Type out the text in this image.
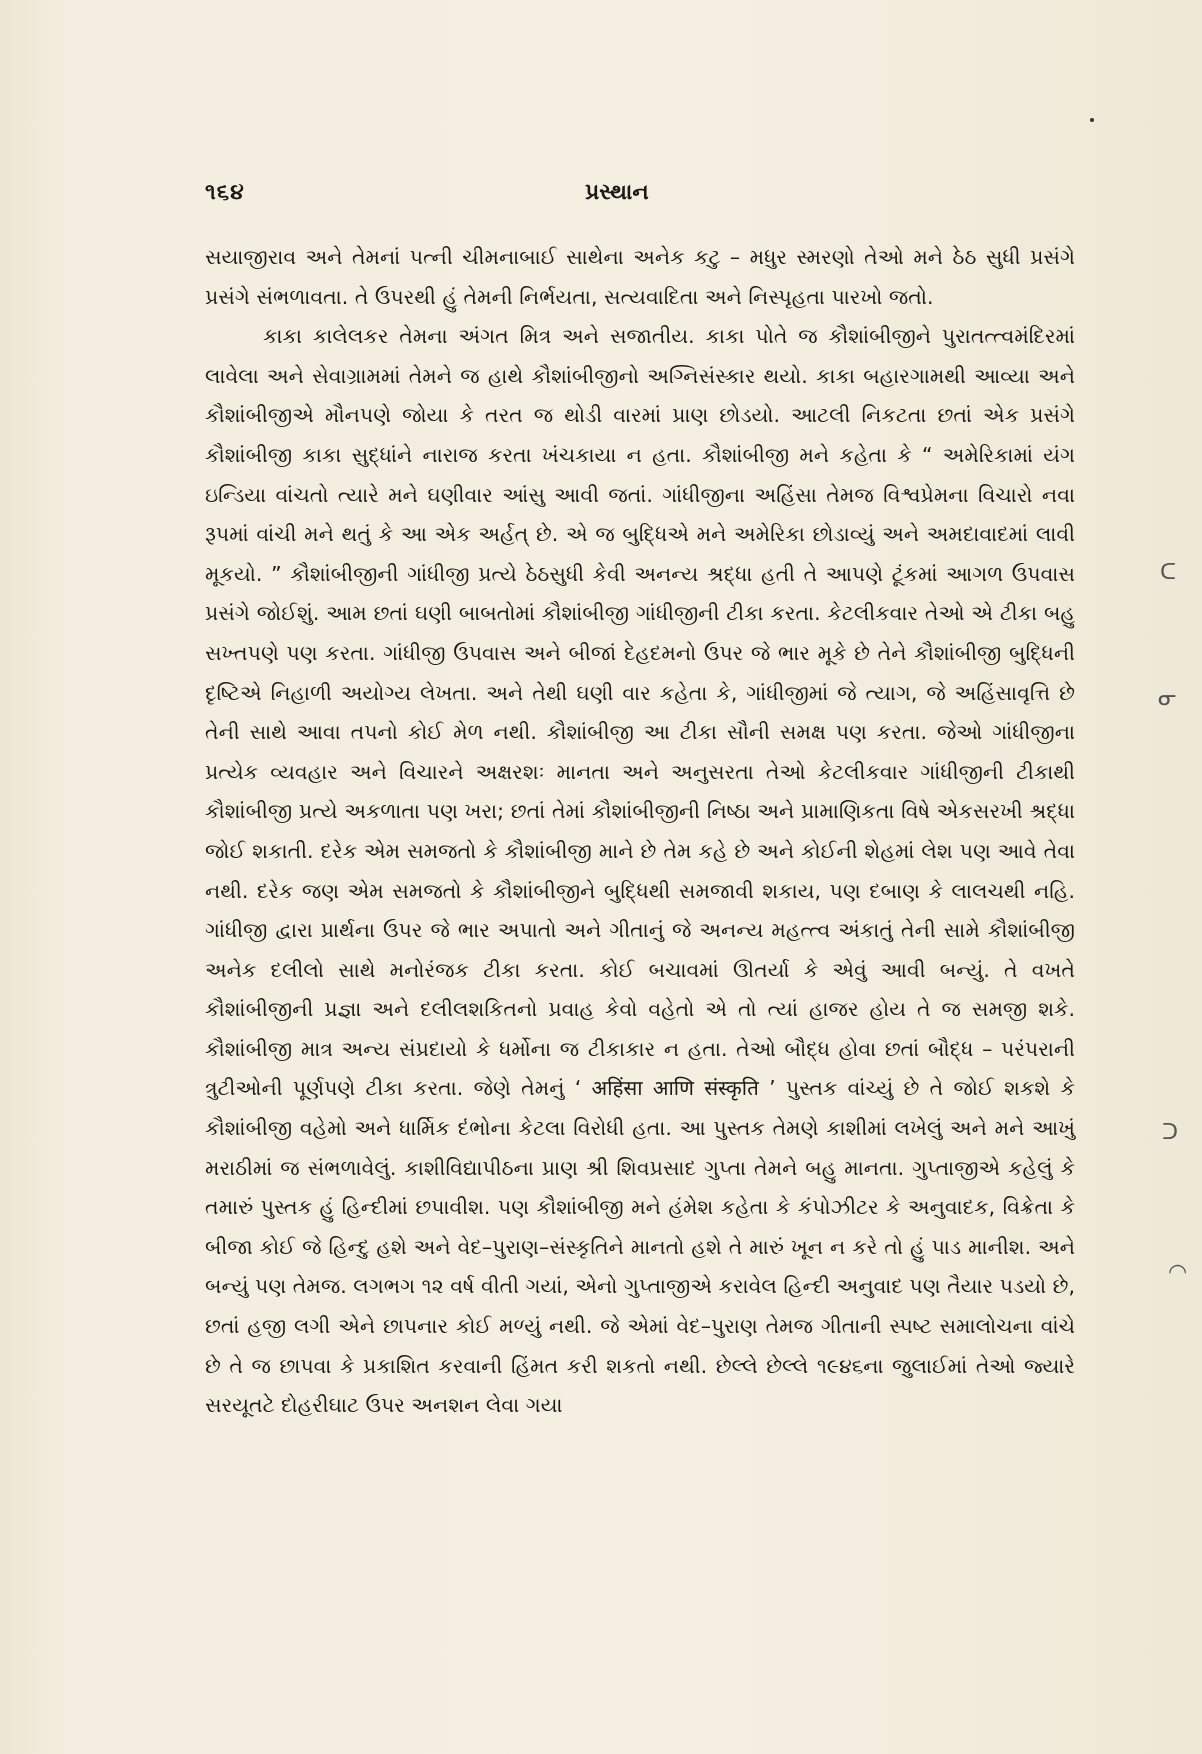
ᑕ
ᓂ
ᑐ
◠
૧૬૪	પ્રસ્થાન

સયાજીરાવ અને તેમનાં પત્ની ચીમનાબાઈ સાથેના અનેક કટુ – મધુર સ્મરણો તેઓ મને ઠેઠ સુધી પ્રસંગે પ્રસંગે સંભળાવતા. તે ઉપરથી હું તેમની નિર્ભયતા, સત્યવાદિતા અને નિસ્પૃહતા પારખો જતો.

કાકા કાલેલકર તેમના અંગત મિત્ર અને સજાતીય. કાકા પોતે જ કૌશાંબીજીને પુરાતત્ત્વમંદિરમાં લાવેલા અને સેવાગ્રામમાં તેમને જ હાથે કૌશાંબીજીનો અગ્નિસંસ્કાર થયો. કાકા બહારગામથી આવ્યા અને કૌશાંબીજીએ મૌનપણે જોયા કે તરત જ થોડી વારમાં પ્રાણ છોડયો. આટલી નિકટતા છતાં એક પ્રસંગે કૌશાંબીજી કાકા સુદ્ધાંને નારાજ કરતા ખંચકાયા ન હતા. કૌશાંબીજી મને કહેતા કે “ અમેરિકામાં યંગ ઇન્ડિયા વાંચતો ત્યારે મને ઘણીવાર આંસુ આવી જતાં. ગાંધીજીના અહિંસા તેમજ વિશ્વપ્રેમના વિચારો નવા રૂપમાં વાંચી મને થતું કે આ એક અર્હત્ છે. એ જ બુદ્ધિએ મને અમેરિકા છોડાવ્યું અને અમદાવાદમાં લાવી મૂકયો. ” કૌશાંબીજીની ગાંધીજી પ્રત્યે ઠેઠસુધી કેવી અનન્ય શ્રદ્ધા હતી તે આપણે ટૂંકમાં આગળ ઉપવાસ પ્રસંગે જોઈશું. આમ છતાં ઘણી બાબતોમાં કૌશાંબીજી ગાંધીજીની ટીકા કરતા. કેટલીકવાર તેઓ એ ટીકા બહુ સખ્તપણે પણ કરતા. ગાંધીજી ઉપવાસ અને બીજાં દેહદમનો ઉપર જે ભાર મૂકે છે તેને કૌશાંબીજી બુદ્ધિની દૃષ્ટિએ નિહાળી અયોગ્ય લેખતા. અને તેથી ઘણી વાર કહેતા કે, ગાંધીજીમાં જે ત્યાગ, જે અહિંસાવૃત્તિ છે તેની સાથે આવા તપનો કોઈ મેળ નથી. કૌશાંબીજી આ ટીકા સૌની સમક્ષ પણ કરતા. જેઓ ગાંધીજીના પ્રત્યેક વ્યવહાર અને વિચારને અક્ષરશઃ માનતા અને અનુસરતા તેઓ કેટલીકવાર ગાંધીજીની ટીકાથી કૌશાંબીજી પ્રત્યે અકળાતા પણ ખરા; છતાં તેમાં કૌશાંબીજીની નિષ્ઠા અને પ્રામાણિકતા વિષે એકસરખી શ્રદ્ધા જોઈ શકાતી. દરેક એમ સમજતો કે કૌશાંબીજી માને છે તેમ કહે છે અને કોઈની શેહમાં લેશ પણ આવે તેવા નથી. દરેક જણ એમ સમજતો કે કૌશાંબીજીને બુદ્ધિથી સમજાવી શકાય, પણ દબાણ કે લાલચથી નહિ. ગાંધીજી દ્વારા પ્રાર્થના ઉપર જે ભાર અપાતો અને ગીતાનું જે અનન્ય મહત્ત્વ અંકાતું તેની સામે કૌશાંબીજી અનેક દલીલો સાથે મનોરંજક ટીકા કરતા. કોઈ બચાવમાં ઊતર્યા કે એવું આવી બન્યું. તે વખતે કૌશાંબીજીની પ્રજ્ઞા અને દલીલશકિતનો પ્રવાહ કેવો વહેતો એ તો ત્યાં હાજર હોય તે જ સમજી શકે. કૌશાંબીજી માત્ર અન્ય સંપ્રદાયો કે ધર્મોના જ ટીકાકાર ન હતા. તેઓ બૌદ્ધ હોવા છતાં બૌદ્ધ – પરંપરાની ત્રુટીઓની પૂર્ણપણે ટીકા કરતા. જેણે તેમનું ‘ अहिंसा आणि संस्कृति ’ પુસ્તક વાંચ્યું છે તે જોઈ શકશે કે કૌશાંબીજી વહેમો અને ધાર્મિક દંભોના કેટલા વિરોધી હતા. આ પુસ્તક તેમણે કાશીમાં લખેલું અને મને આખું મરાઠીમાં જ સંભળાવેલું. કાશીવિદ્યાપીઠના પ્રાણ શ્રી શિવપ્રસાદ ગુપ્તા તેમને બહુ માનતા. ગુપ્તાજીએ કહેલું કે તમારું પુસ્તક હું હિન્દીમાં છપાવીશ. પણ કૌશાંબીજી મને હંમેશ કહેતા કે કંપોઝીટર કે અનુવાદક, વિક્રેતા કે બીજા કોઈ જે હિન્દુ હશે અને વેદ–પુરાણ–સંસ્કૃતિને માનતો હશે તે મારું ખૂન ન કરે તો હું પાડ માનીશ. અને બન્યું પણ તેમજ. લગભગ ૧૨ વર્ષ વીતી ગયાં, એનો ગુપ્તાજીએ કરાવેલ હિન્દી અનુવાદ પણ તૈયાર પડયો છે, છતાં હજી લગી એને છાપનાર કોઈ મળ્યું નથી. જે એમાં વેદ–પુરાણ તેમજ ગીતાની સ્પષ્ટ સમાલોચના વાંચે છે તે જ છાપવા કે પ્રકાશિત કરવાની હિંમત કરી શકતો નથી. છેલ્લે છેલ્લે ૧૯૪૬ના જુલાઈમાં તેઓ જ્યારે સરયૂતટે દોહરીઘાટ ઉપર અનશન લેવા ગયા
